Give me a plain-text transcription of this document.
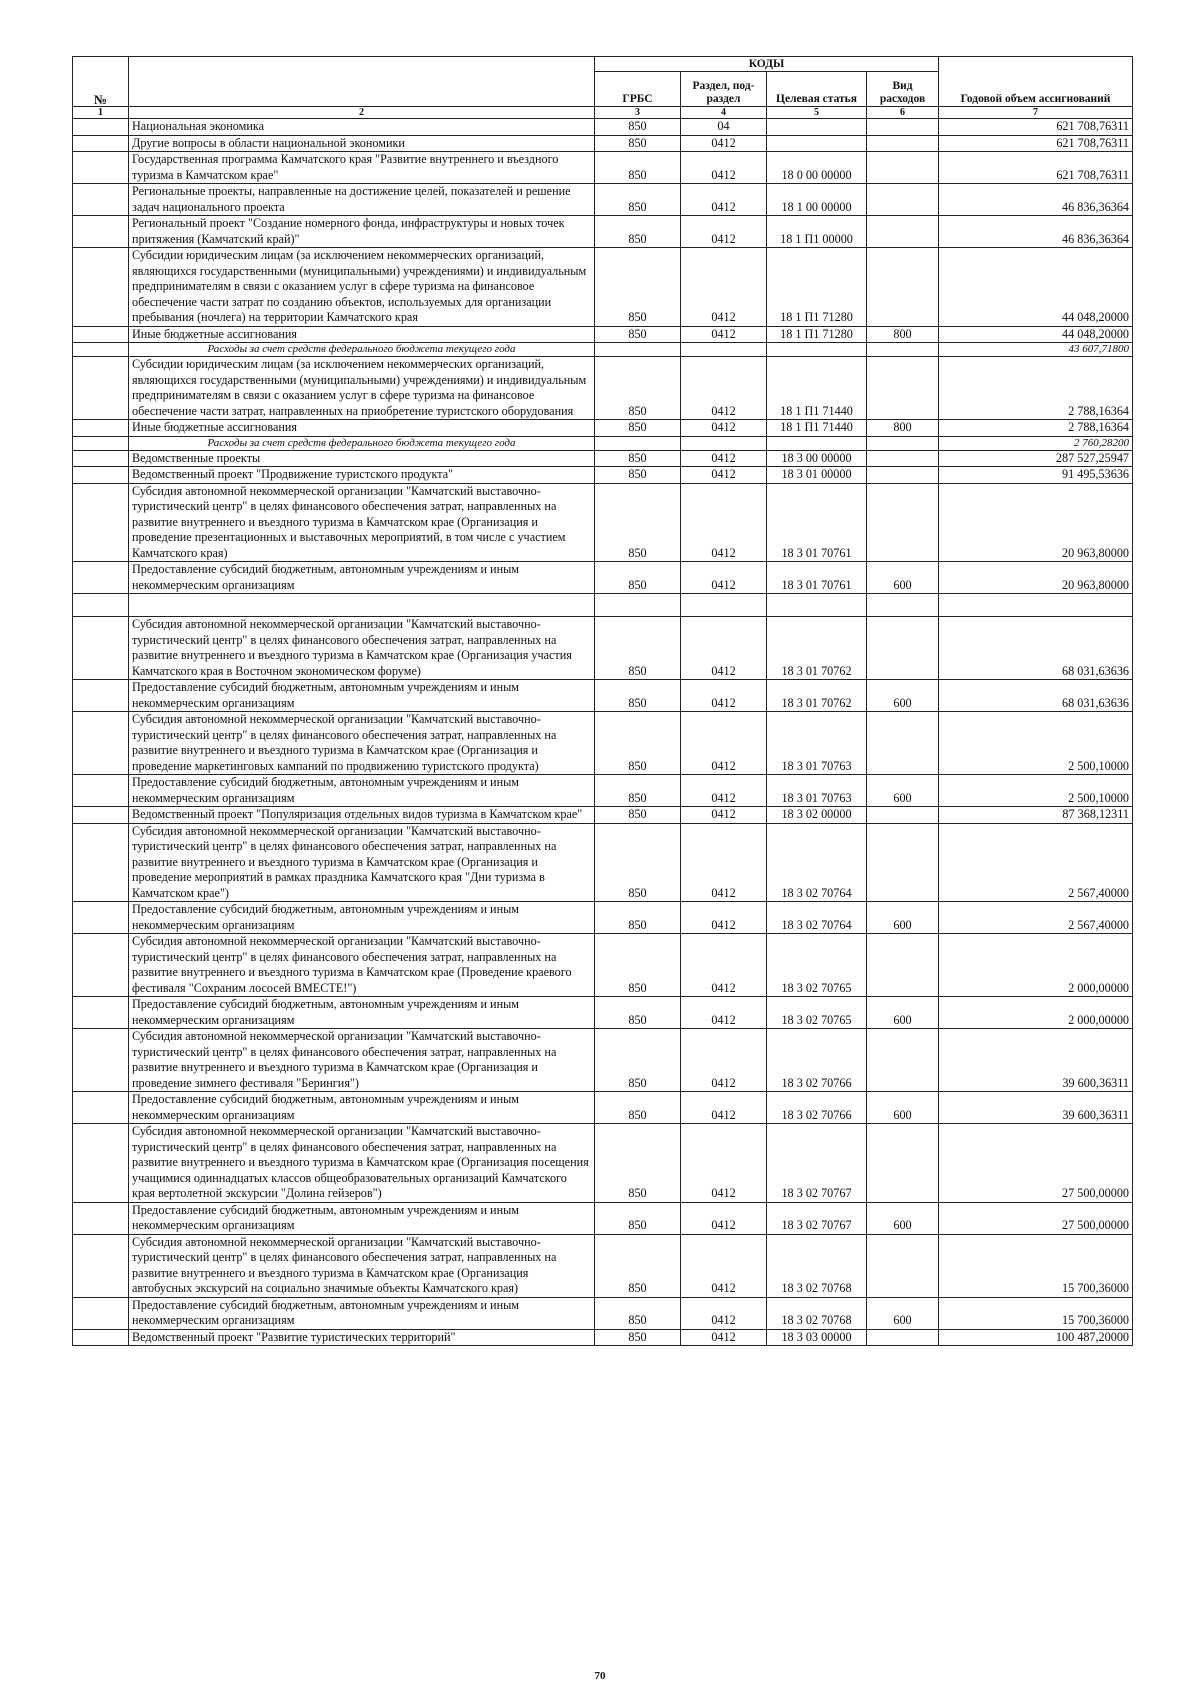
№		КОДЫ				Годовой объем ассигнований
		ГРБС	Раздел, под- раздел	Целевая статья	Вид расходов	
1	2	3	4	5	6	7
	Национальная экономика	850	04			621 708,76311
	Другие вопросы в области национальной экономики	850	0412			621 708,76311
	Государственная программа Камчатского края "Развитие внутреннего и въездного туризма в Камчатском крае"	850	0412	18 0 00 00000		621 708,76311
	Региональные проекты, направленные на достижение целей, показателей и решение задач национального проекта	850	0412	18 1 00 00000		46 836,36364
	Региональный проект "Создание номерного фонда, инфраструктуры и новых точек притяжения (Камчатский край)"	850	0412	18 1 П1 00000		46 836,36364
	Субсидии юридическим лицам (за исключением некоммерческих организаций, являющихся государственными (муниципальными) учреждениями) и индивидуальным предпринимателям в связи с оказанием услуг в сфере туризма на финансовое обеспечение части затрат по созданию объектов, используемых для организации пребывания (ночлега) на территории Камчатского края	850	0412	18 1 П1 71280		44 048,20000
	Иные бюджетные ассигнования	850	0412	18 1 П1 71280	800	44 048,20000
	Расходы за счет средств федерального бюджета текущего года					43 607,71800
	Субсидии юридическим лицам (за исключением некоммерческих организаций, являющихся государственными (муниципальными) учреждениями) и индивидуальным предпринимателям в связи с оказанием услуг в сфере туризма на финансовое обеспечение части затрат, направленных на приобретение туристского оборудования	850	0412	18 1 П1 71440		2 788,16364
	Иные бюджетные ассигнования	850	0412	18 1 П1 71440	800	2 788,16364
	Расходы за счет средств федерального бюджета текущего года					2 760,28200
	Ведомственные проекты	850	0412	18 3 00 00000		287 527,25947
	Ведомственный проект "Продвижение туристского продукта"	850	0412	18 3 01 00000		91 495,53636
	Субсидия автономной некоммерческой организации "Камчатский выставочно-туристический центр" в целях финансового обеспечения затрат, направленных на развитие внутреннего и въездного туризма в Камчатском крае (Организация и проведение презентационных и выставочных мероприятий, в том числе с участием Камчатского края)	850	0412	18 3 01 70761		20 963,80000
	Предоставление субсидий бюджетным, автономным учреждениям и иным некоммерческим организациям	850	0412	18 3 01 70761	600	20 963,80000

	Субсидия автономной некоммерческой организации "Камчатский выставочно-туристический центр" в целях финансового обеспечения затрат, направленных на развитие внутреннего и въездного туризма в Камчатском крае (Организация участия Камчатского края в Восточном экономическом форуме)	850	0412	18 3 01 70762		68 031,63636
	Предоставление субсидий бюджетным, автономным учреждениям и иным некоммерческим организациям	850	0412	18 3 01 70762	600	68 031,63636
	Субсидия автономной некоммерческой организации "Камчатский выставочно-туристический центр" в целях финансового обеспечения затрат, направленных на развитие внутреннего и въездного туризма в Камчатском крае (Организация и проведение маркетинговых кампаний по продвижению туристского продукта)	850	0412	18 3 01 70763		2 500,10000
	Предоставление субсидий бюджетным, автономным учреждениям и иным некоммерческим организациям	850	0412	18 3 01 70763	600	2 500,10000
	Ведомственный проект "Популяризация отдельных видов туризма в Камчатском крае"	850	0412	18 3 02 00000		87 368,12311
	Субсидия автономной некоммерческой организации "Камчатский выставочно-туристический центр" в целях финансового обеспечения затрат, направленных на развитие внутреннего и въездного туризма в Камчатском крае (Организация и проведение мероприятий в рамках праздника Камчатского края "Дни туризма в Камчатском крае")	850	0412	18 3 02 70764		2 567,40000
	Предоставление субсидий бюджетным, автономным учреждениям и иным некоммерческим организациям	850	0412	18 3 02 70764	600	2 567,40000
	Субсидия автономной некоммерческой организации "Камчатский выставочно-туристический центр" в целях финансового обеспечения затрат, направленных на развитие внутреннего и въездного туризма в Камчатском крае (Проведение краевого фестиваля "Сохраним лососей ВМЕСТЕ!")	850	0412	18 3 02 70765		2 000,00000
	Предоставление субсидий бюджетным, автономным учреждениям и иным некоммерческим организациям	850	0412	18 3 02 70765	600	2 000,00000
	Субсидия автономной некоммерческой организации "Камчатский выставочно-туристический центр" в целях финансового обеспечения затрат, направленных на развитие внутреннего и въездного туризма в Камчатском крае (Организация и проведение зимнего фестиваля "Берингия")	850	0412	18 3 02 70766		39 600,36311
	Предоставление субсидий бюджетным, автономным учреждениям и иным некоммерческим организациям	850	0412	18 3 02 70766	600	39 600,36311
	Субсидия автономной некоммерческой организации "Камчатский выставочно-туристический центр" в целях финансового обеспечения затрат, направленных на развитие внутреннего и въездного туризма в Камчатском крае (Организация посещения учащимися одиннадцатых классов общеобразовательных организаций Камчатского края вертолетной экскурсии "Долина гейзеров")	850	0412	18 3 02 70767		27 500,00000
	Предоставление субсидий бюджетным, автономным учреждениям и иным некоммерческим организациям	850	0412	18 3 02 70767	600	27 500,00000
	Субсидия автономной некоммерческой организации "Камчатский выставочно-туристический центр" в целях финансового обеспечения затрат, направленных на развитие внутреннего и въездного туризма в Камчатском крае (Организация автобусных экскурсий на социально значимые объекты Камчатского края)	850	0412	18 3 02 70768		15 700,36000
	Предоставление субсидий бюджетным, автономным учреждениям и иным некоммерческим организациям	850	0412	18 3 02 70768	600	15 700,36000
	Ведомственный проект "Развитие туристических территорий"	850	0412	18 3 03 00000		100 487,20000
70
